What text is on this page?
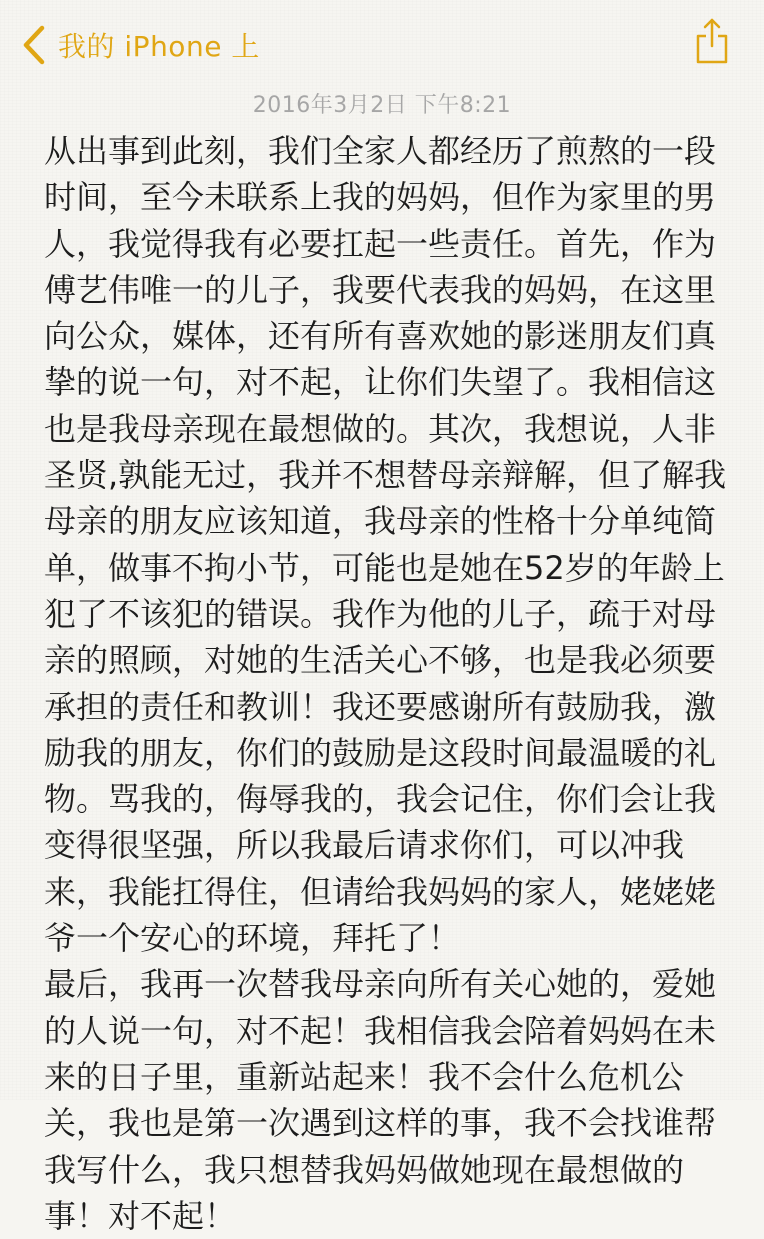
我的 iPhone 上
2016年3月2日 下午8:21
从出事到此刻，我们全家人都经历了煎熬的一段
时间，至今未联系上我的妈妈，但作为家里的男
人，我觉得我有必要扛起一些责任。首先，作为
傅艺伟唯一的儿子，我要代表我的妈妈，在这里
向公众，媒体，还有所有喜欢她的影迷朋友们真
挚的说一句，对不起，让你们失望了。我相信这
也是我母亲现在最想做的。其次，我想说，人非
圣贤,孰能无过，我并不想替母亲辩解，但了解我
母亲的朋友应该知道，我母亲的性格十分单纯简
单，做事不拘小节，可能也是她在52岁的年龄上
犯了不该犯的错误。我作为他的儿子，疏于对母
亲的照顾，对她的生活关心不够，也是我必须要
承担的责任和教训！我还要感谢所有鼓励我，激
励我的朋友，你们的鼓励是这段时间最温暖的礼
物。骂我的，侮辱我的，我会记住，你们会让我
变得很坚强，所以我最后请求你们，可以冲我
来，我能扛得住，但请给我妈妈的家人，姥姥姥
爷一个安心的环境，拜托了！
最后，我再一次替我母亲向所有关心她的，爱她
的人说一句，对不起！我相信我会陪着妈妈在未
来的日子里，重新站起来！我不会什么危机公
关，我也是第一次遇到这样的事，我不会找谁帮
我写什么，我只想替我妈妈做她现在最想做的
事！对不起！
